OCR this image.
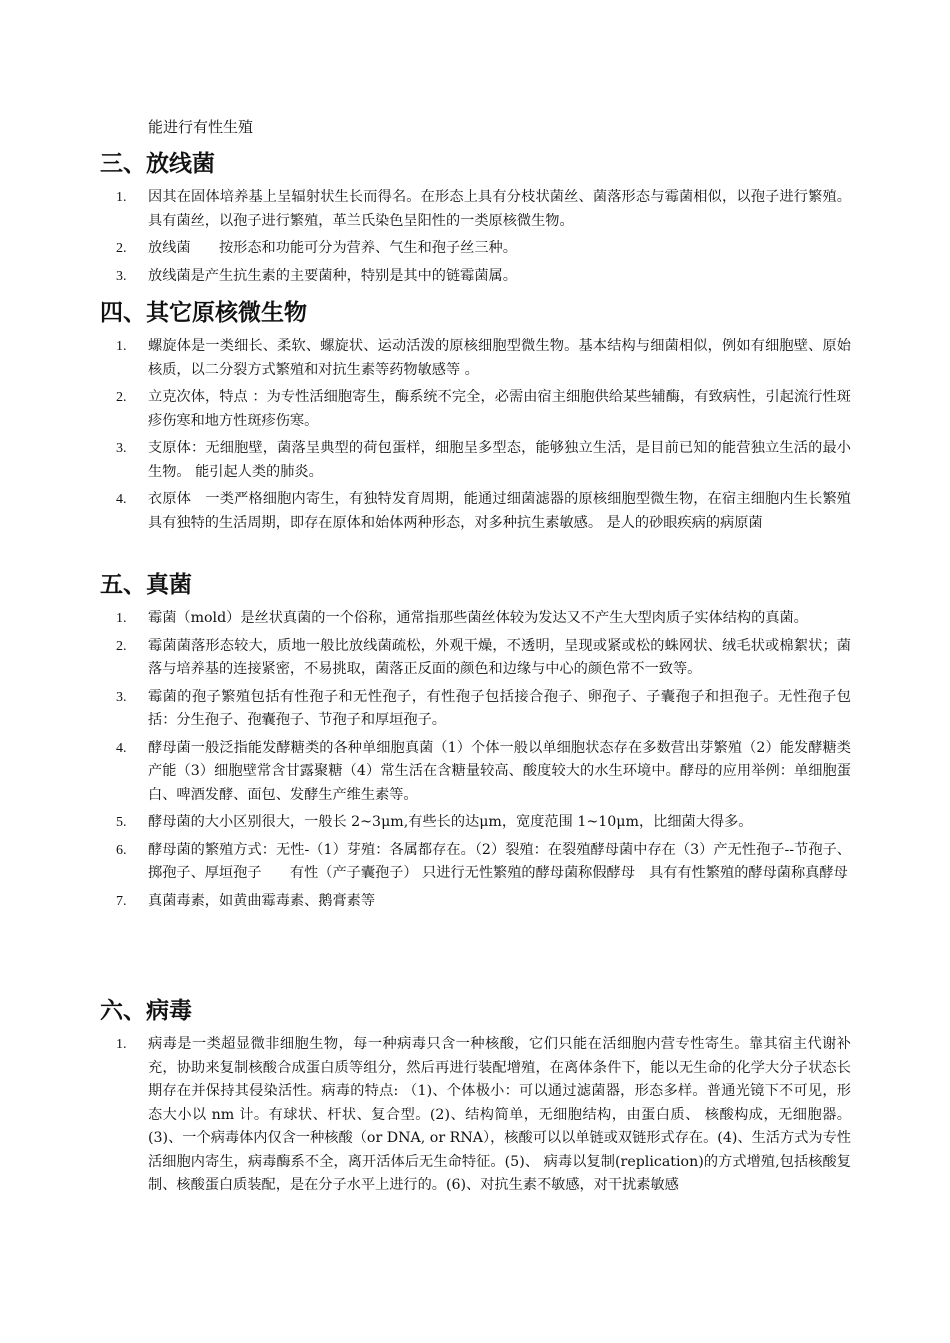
能进行有性生殖
三、放线菌
1. 因其在固体培养基上呈辐射状生长而得名。在形态上具有分枝状菌丝、菌落形态与霉菌相似，以孢子进行繁殖。 具有菌丝，以孢子进行繁殖，革兰氏染色呈阳性的一类原核微生物。
2. 放线菌　　按形态和功能可分为营养、气生和孢子丝三种。
3. 放线菌是产生抗生素的主要菌种，特别是其中的链霉菌属。
四、其它原核微生物
1. 螺旋体是一类细长、柔软、螺旋状、运动活泼的原核细胞型微生物。基本结构与细菌相似，例如有细胞壁、原始核质，以二分裂方式繁殖和对抗生素等药物敏感等 。
2. 立克次体，特点 ：为专性活细胞寄生，酶系统不完全，必需由宿主细胞供给某些辅酶，有致病性，引起流行性斑疹伤寒和地方性斑疹伤寒。
3. 支原体：无细胞壁，菌落呈典型的荷包蛋样，细胞呈多型态，能够独立生活，是目前已知的能营独立生活的最小生物。 能引起人类的肺炎。
4. 衣原体　一类严格细胞内寄生，有独特发育周期，能通过细菌滤器的原核细胞型微生物，在宿主细胞内生长繁殖具有独特的生活周期，即存在原体和始体两种形态，对多种抗生素敏感。 是人的砂眼疾病的病原菌
五、真菌
1. 霉菌（mold）是丝状真菌的一个俗称，通常指那些菌丝体较为发达又不产生大型肉质子实体结构的真菌。
2. 霉菌菌落形态较大，质地一般比放线菌疏松，外观干燥，不透明，呈现或紧或松的蛛网状、绒毛状或棉絮状；菌落与培养基的连接紧密，不易挑取，菌落正反面的颜色和边缘与中心的颜色常不一致等。
3. 霉菌的孢子繁殖包括有性孢子和无性孢子，有性孢子包括接合孢子、卵孢子、子囊孢子和担孢子。无性孢子包括：分生孢子、孢囊孢子、节孢子和厚垣孢子。
4. 酵母菌一般泛指能发酵糖类的各种单细胞真菌（1）个体一般以单细胞状态存在多数营出芽繁殖（2）能发酵糖类产能（3）细胞壁常含甘露聚糖（4）常生活在含糖量较高、酸度较大的水生环境中。酵母的应用举例：单细胞蛋白、啤酒发酵、面包、发酵生产维生素等。
5. 酵母菌的大小区别很大，一般长 2~3μm,有些长的达μm，宽度范围 1~10μm，比细菌大得多。
6. 酵母菌的繁殖方式：无性-（1）芽殖：各属都存在。（2）裂殖：在裂殖酵母菌中存在（3）产无性孢子--节孢子、掷孢子、厚垣孢子　　有性（产子囊孢子） 只进行无性繁殖的酵母菌称假酵母　具有有性繁殖的酵母菌称真酵母
7. 真菌毒素，如黄曲霉毒素、鹅膏素等
六、病毒
1. 病毒是一类超显微非细胞生物，每一种病毒只含一种核酸，它们只能在活细胞内营专性寄生。靠其宿主代谢补充，协助来复制核酸合成蛋白质等组分，然后再进行装配增殖，在离体条件下，能以无生命的化学大分子状态长期存在并保持其侵染活性。病毒的特点: （1)、个体极小：可以通过滤菌器，形态多样。普通光镜下不可见，形态大小以 nm 计。有球状、杆状、复合型。(2)、结构简单，无细胞结构，由蛋白质、 核酸构成，无细胞器。(3)、一个病毒体内仅含一种核酸（or DNA, or RNA），核酸可以以单链或双链形式存在。(4)、生活方式为专性活细胞内寄生，病毒酶系不全，离开活体后无生命特征。(5)、 病毒以复制(replication)的方式增殖,包括核酸复制、核酸蛋白质装配，是在分子水平上进行的。(6)、对抗生素不敏感，对干扰素敏感
